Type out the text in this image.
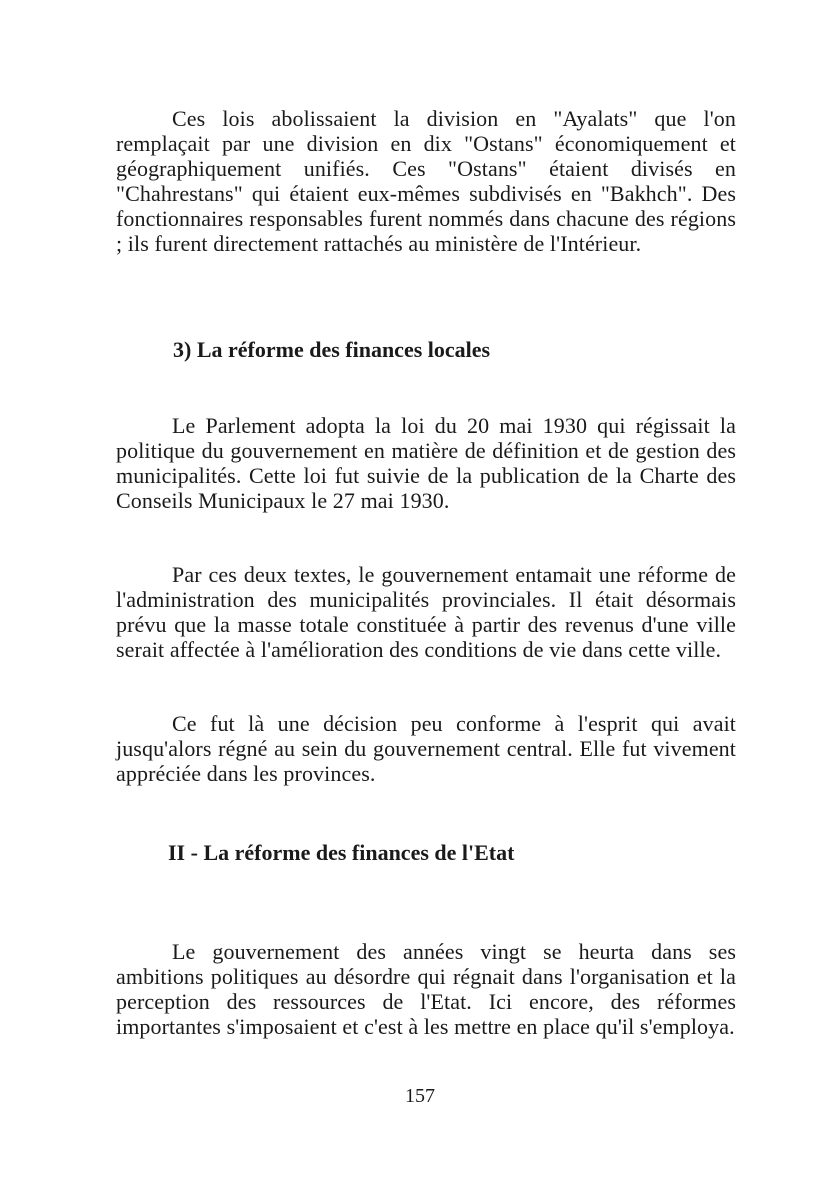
Ces lois abolissaient la division en "Ayalats" que l'on remplaçait par une division en dix "Ostans" économiquement et géographiquement unifiés. Ces "Ostans" étaient divisés en "Chahrestans" qui étaient eux-mêmes subdivisés en "Bakhch". Des fonctionnaires responsables furent nommés dans chacune des régions ; ils furent directement rattachés au ministère de l'Intérieur.

3) La réforme des finances locales

Le Parlement adopta la loi du 20 mai 1930 qui régissait la politique du gouvernement en matière de définition et de gestion des municipalités. Cette loi fut suivie de la publication de la Charte des Conseils Municipaux le 27 mai 1930.

Par ces deux textes, le gouvernement entamait une réforme de l'administration des municipalités provinciales. Il était désormais prévu que la masse totale constituée à partir des revenus d'une ville serait affectée à l'amélioration des conditions de vie dans cette ville.

Ce fut là une décision peu conforme à l'esprit qui avait jusqu'alors régné au sein du gouvernement central. Elle fut vivement appréciée dans les provinces.

II - La réforme des finances de l'Etat

Le gouvernement des années vingt se heurta dans ses ambitions politiques au désordre qui régnait dans l'organisation et la perception des ressources de l'Etat. Ici encore, des réformes importantes s'imposaient et c'est à les mettre en place qu'il s'employa.

157
